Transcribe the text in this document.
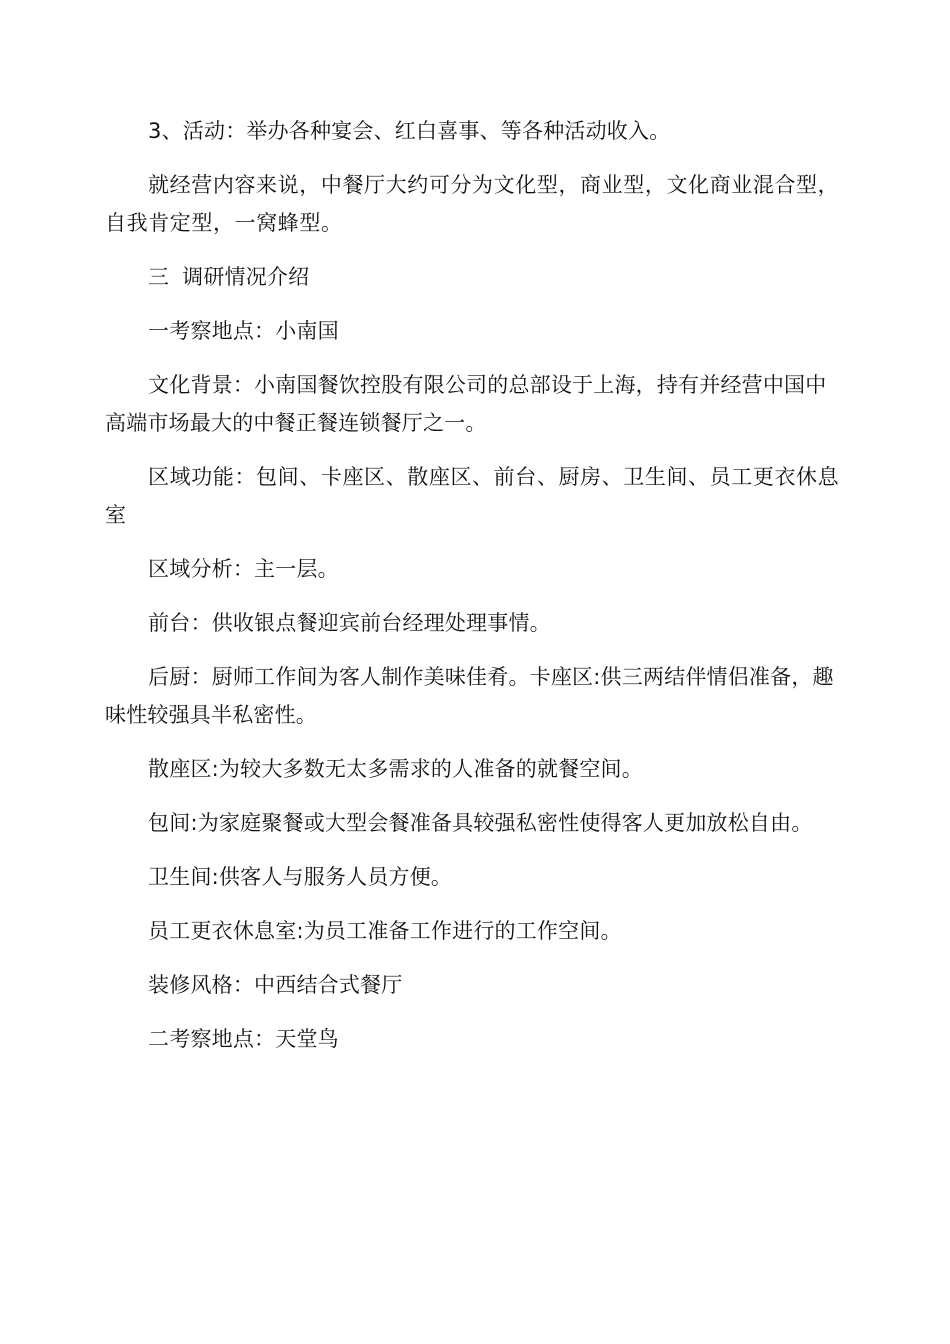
3、活动：举办各种宴会、红白喜事、等各种活动收入。

就经营内容来说，中餐厅大约可分为文化型，商业型，文化商业混合型，自我肯定型，一窝蜂型。

三 调研情况介绍

一考察地点：小南国

文化背景：小南国餐饮控股有限公司的总部设于上海，持有并经营中国中高端市场最大的中餐正餐连锁餐厅之一。

区域功能：包间、卡座区、散座区、前台、厨房、卫生间、员工更衣休息室

区域分析：主一层。

前台：供收银点餐迎宾前台经理处理事情。

后厨：厨师工作间为客人制作美味佳肴。卡座区:供三两结伴情侣准备，趣味性较强具半私密性。

散座区:为较大多数无太多需求的人准备的就餐空间。

包间:为家庭聚餐或大型会餐准备具较强私密性使得客人更加放松自由。

卫生间:供客人与服务人员方便。

员工更衣休息室:为员工准备工作进行的工作空间。

装修风格：中西结合式餐厅

二考察地点：天堂鸟
